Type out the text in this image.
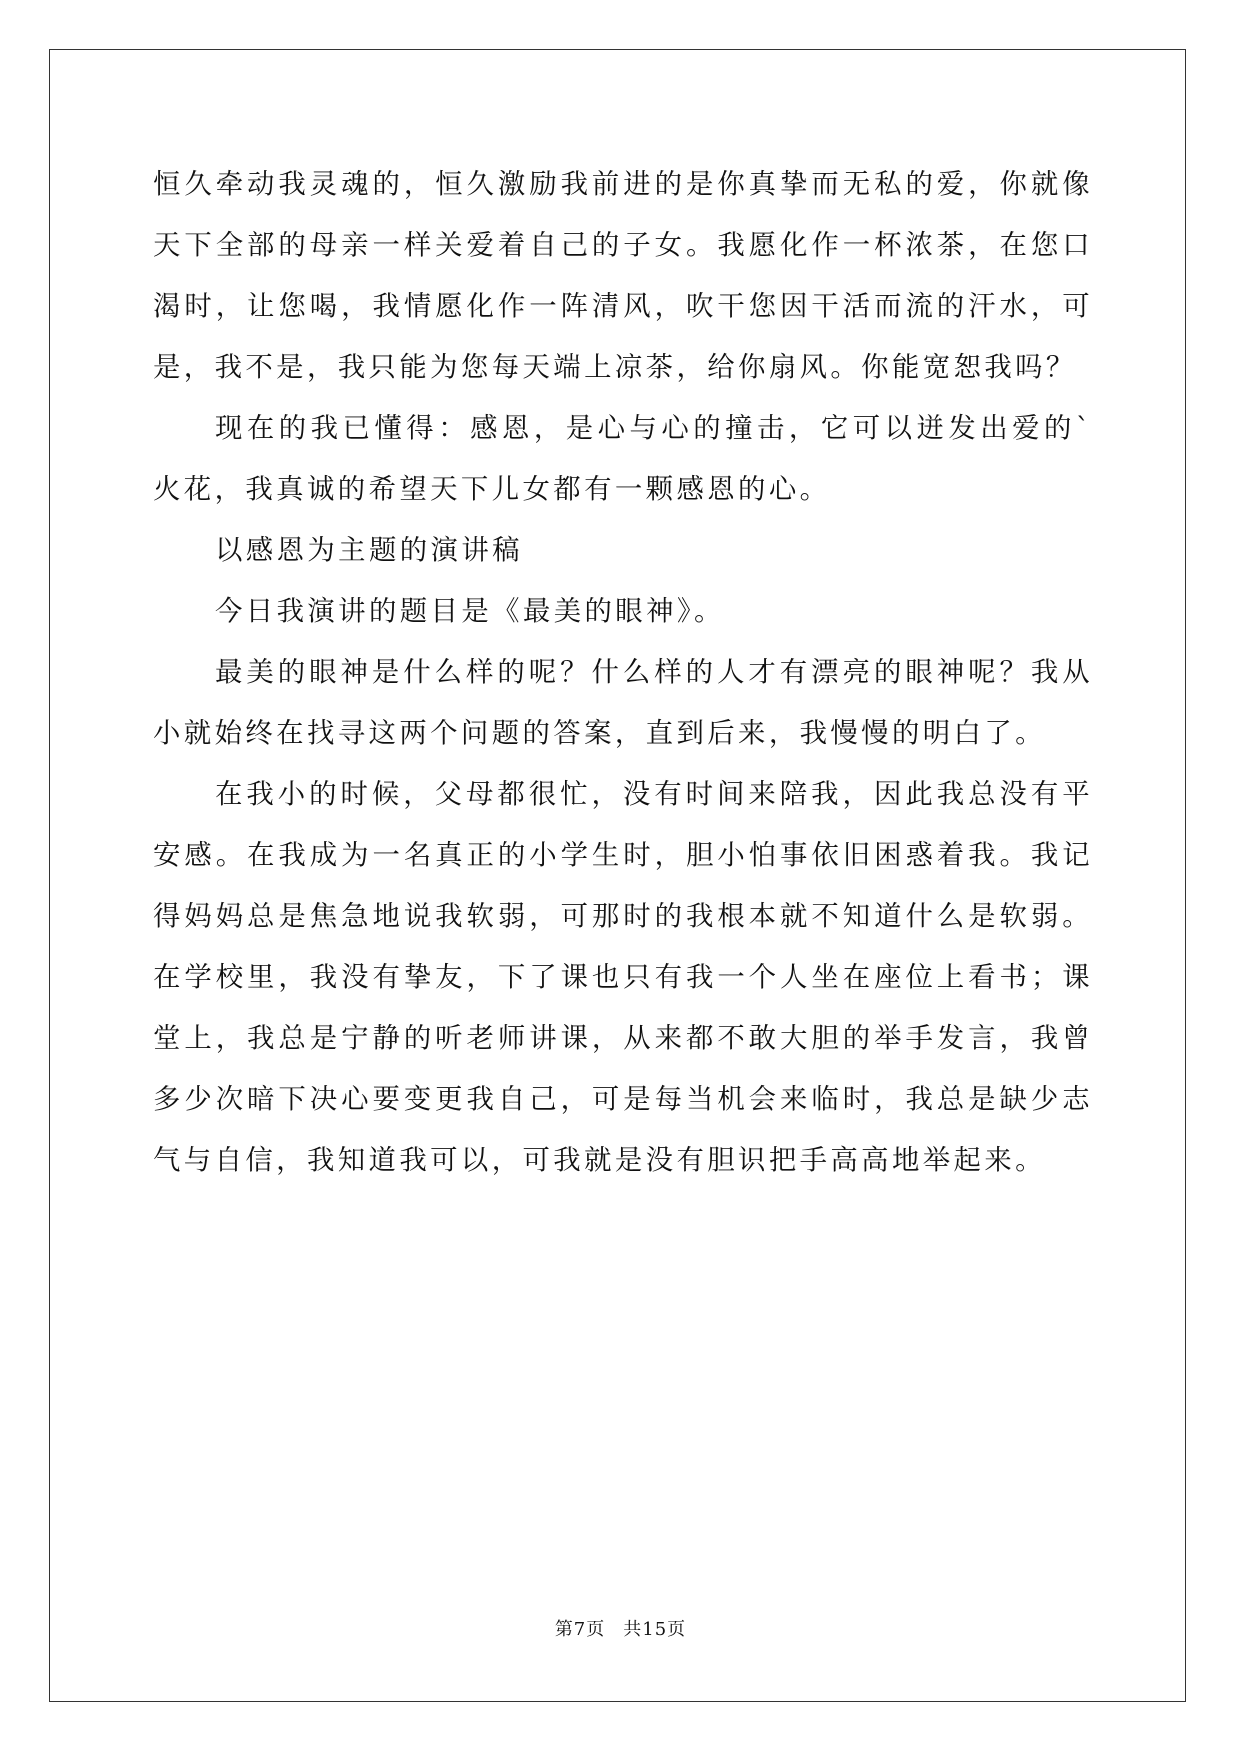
恒久牵动我灵魂的，恒久激励我前进的是你真挚而无私的爱，你就像天下全部的母亲一样关爱着自己的子女。我愿化作一杯浓茶，在您口渴时，让您喝，我情愿化作一阵清风，吹干您因干活而流的汗水，可是，我不是，我只能为您每天端上凉茶，给你扇风。你能宽恕我吗？

现在的我已懂得：感恩，是心与心的撞击，它可以迸发出爱的`火花，我真诚的希望天下儿女都有一颗感恩的心。

以感恩为主题的演讲稿

今日我演讲的题目是《最美的眼神》。

最美的眼神是什么样的呢？什么样的人才有漂亮的眼神呢？我从小就始终在找寻这两个问题的答案，直到后来，我慢慢的明白了。

在我小的时候，父母都很忙，没有时间来陪我，因此我总没有平安感。在我成为一名真正的小学生时，胆小怕事依旧困惑着我。我记得妈妈总是焦急地说我软弱，可那时的我根本就不知道什么是软弱。在学校里，我没有挚友，下了课也只有我一个人坐在座位上看书；课堂上，我总是宁静的听老师讲课，从来都不敢大胆的举手发言，我曾多少次暗下决心要变更我自己，可是每当机会来临时，我总是缺少志气与自信，我知道我可以，可我就是没有胆识把手高高地举起来。

第7页 共15页
